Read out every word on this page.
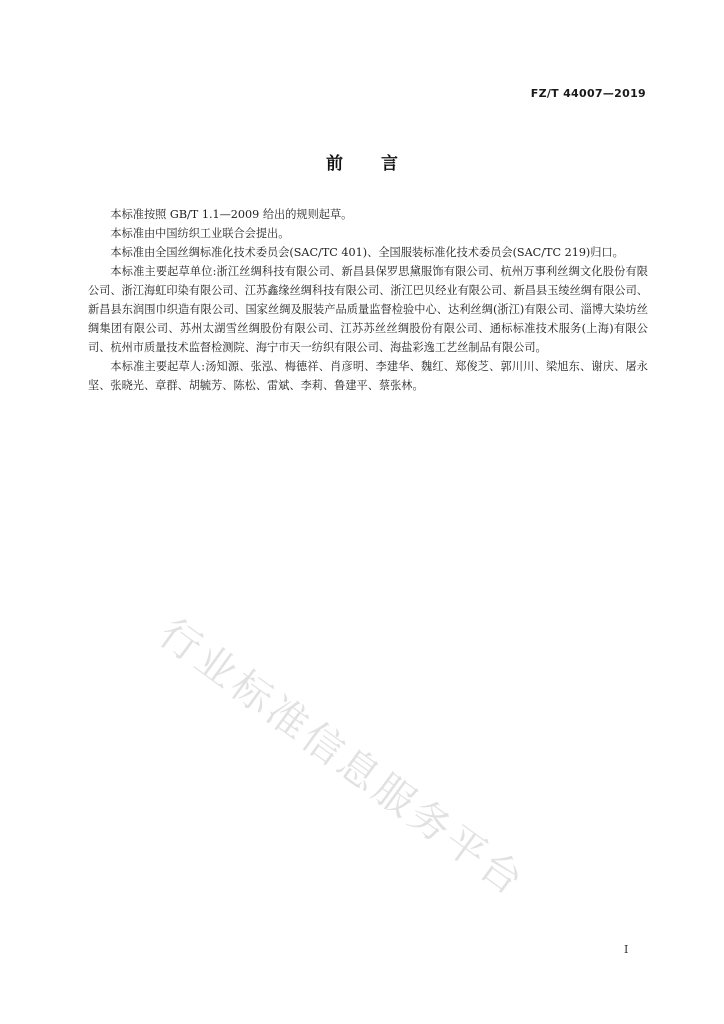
FZ/T 44007—2019
前言

本标准按照 GB/T 1.1—2009 给出的规则起草。

本标准由中国纺织工业联合会提出。

本标准由全国丝绸标准化技术委员会(SAC/TC 401)、全国服装标准化技术委员会(SAC/TC 219)归口。

本标准主要起草单位:浙江丝绸科技有限公司、新昌县保罗思黛服饰有限公司、杭州万事利丝绸文化股份有限公司、浙江海虹印染有限公司、江苏鑫缘丝绸科技有限公司、浙江巴贝经业有限公司、新昌县玉绫丝绸有限公司、新昌县东润围巾织造有限公司、国家丝绸及服装产品质量监督检验中心、达利丝绸(浙江)有限公司、淄博大染坊丝绸集团有限公司、苏州太湖雪丝绸股份有限公司、江苏苏丝丝绸股份有限公司、通标标准技术服务(上海)有限公司、杭州市质量技术监督检测院、海宁市天一纺织有限公司、海盐彩逸工艺丝制品有限公司。

本标准主要起草人:汤知源、张泓、梅德祥、肖彦明、李建华、魏红、郑俊芝、郭川川、梁旭东、谢庆、屠永坚、张晓光、章群、胡毓芳、陈松、雷斌、李莉、鲁建平、蔡张林。

行业标准信息服务平台
I
